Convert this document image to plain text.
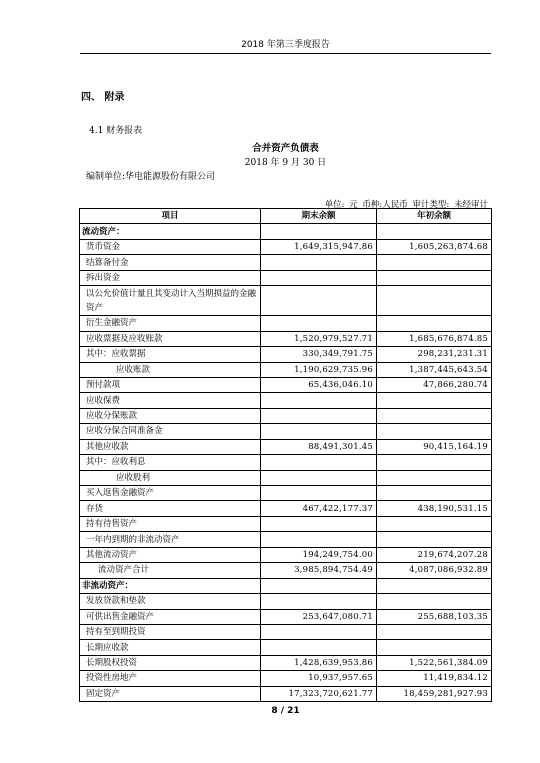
2018 年第三季度报告
四、 附录
4.1 财务报表
合并资产负债表
2018 年 9 月 30 日
编制单位:华电能源股份有限公司
单位: 元 币种:人民币 审计类型: 未经审计
项目	期末余额	年初余额
流动资产：		
货币资金	1,649,315,947.86	1,605,263,874.68
结算备付金		
拆出资金		
以公允价值计量且其变动计入当期损益的金融资产		
衍生金融资产		
应收票据及应收账款	1,520,979,527.71	1,685,676,874.85
其中：应收票据	330,349,791.75	298,231,231.31
应收账款	1,190,629,735.96	1,387,445,643.54
预付款项	65,436,046.10	47,866,280.74
应收保费		
应收分保账款		
应收分保合同准备金		
其他应收款	88,491,301.45	90,415,164.19
其中：应收利息		
应收股利		
买入返售金融资产		
存货	467,422,177.37	438,190,531.15
持有待售资产		
一年内到期的非流动资产		
其他流动资产	194,249,754.00	219,674,207.28
流动资产合计	3,985,894,754.49	4,087,086,932.89
非流动资产：		
发放贷款和垫款		
可供出售金融资产	253,647,080.71	255,688,103.35
持有至到期投资		
长期应收款		
长期股权投资	1,428,639,953.86	1,522,561,384.09
投资性房地产	10,937,957.65	11,419,834.12
固定资产	17,323,720,621.77	18,459,281,927.93
8 / 21
